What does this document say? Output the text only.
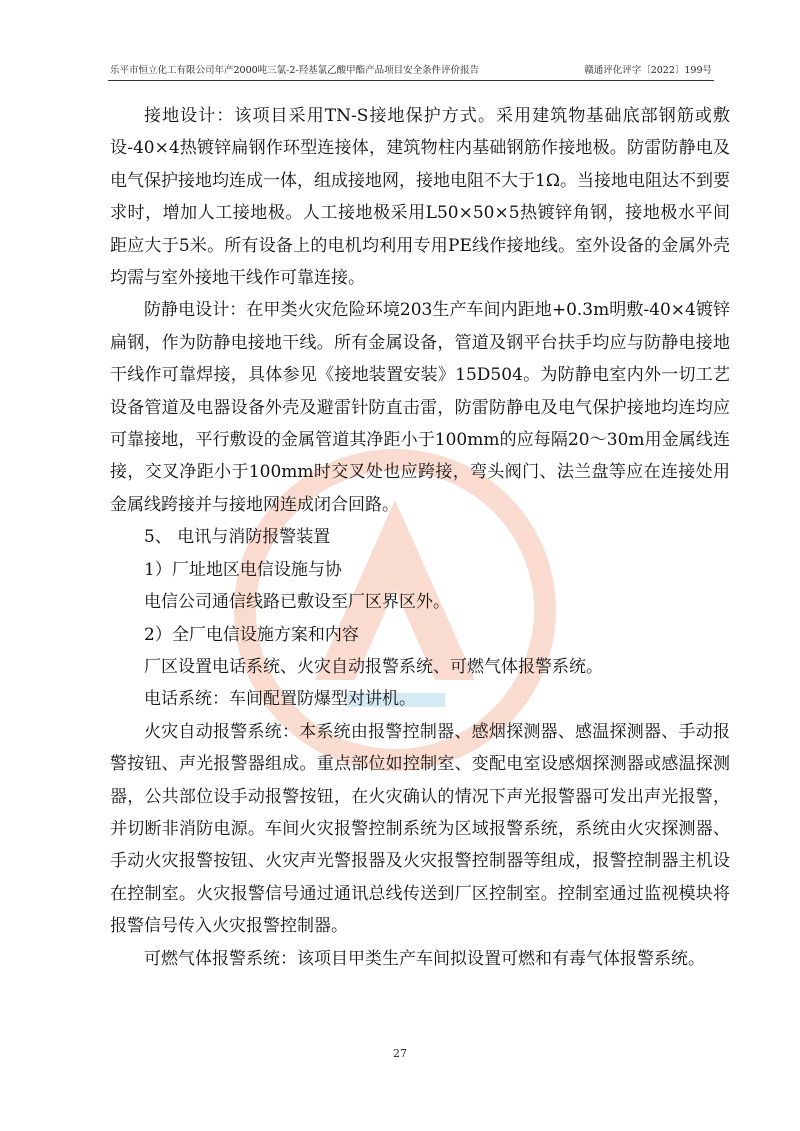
乐平市恒立化工有限公司年产2000吨三氯-2-羟基氯乙酸甲酯产品项目安全条件评价报告	赣通评化评字〔2022〕199号

接地设计：该项目采用TN-S接地保护方式。采用建筑物基础底部钢筋或敷设-40×4热镀锌扁钢作环型连接体，建筑物柱内基础钢筋作接地极。防雷防静电及电气保护接地均连成一体，组成接地网，接地电阻不大于1Ω。当接地电阻达不到要求时，增加人工接地极。人工接地极采用L50×50×5热镀锌角钢，接地极水平间距应大于5米。所有设备上的电机均利用专用PE线作接地线。室外设备的金属外壳均需与室外接地干线作可靠连接。

防静电设计：在甲类火灾危险环境203生产车间内距地+0.3m明敷-40×4镀锌扁钢，作为防静电接地干线。所有金属设备，管道及钢平台扶手均应与防静电接地干线作可靠焊接，具体参见《接地装置安装》15D504。为防静电室内外一切工艺设备管道及电器设备外壳及避雷针防直击雷，防雷防静电及电气保护接地均连均应可靠接地，平行敷设的金属管道其净距小于100mm的应每隔20～30m用金属线连接，交叉净距小于100mm时交叉处也应跨接，弯头阀门、法兰盘等应在连接处用金属线跨接并与接地网连成闭合回路。

5、 电讯与消防报警装置

1）厂址地区电信设施与协

电信公司通信线路已敷设至厂区界区外。

2）全厂电信设施方案和内容

厂区设置电话系统、火灾自动报警系统、可燃气体报警系统。

电话系统：车间配置防爆型对讲机。

火灾自动报警系统：本系统由报警控制器、感烟探测器、感温探测器、手动报警按钮、声光报警器组成。重点部位如控制室、变配电室设感烟探测器或感温探测器，公共部位设手动报警按钮，在火灾确认的情况下声光报警器可发出声光报警，并切断非消防电源。车间火灾报警控制系统为区域报警系统，系统由火灾探测器、手动火灾报警按钮、火灾声光警报器及火灾报警控制器等组成，报警控制器主机设在控制室。火灾报警信号通过通讯总线传送到厂区控制室。控制室通过监视模块将报警信号传入火灾报警控制器。

可燃气体报警系统：该项目甲类生产车间拟设置可燃和有毒气体报警系统。

27
